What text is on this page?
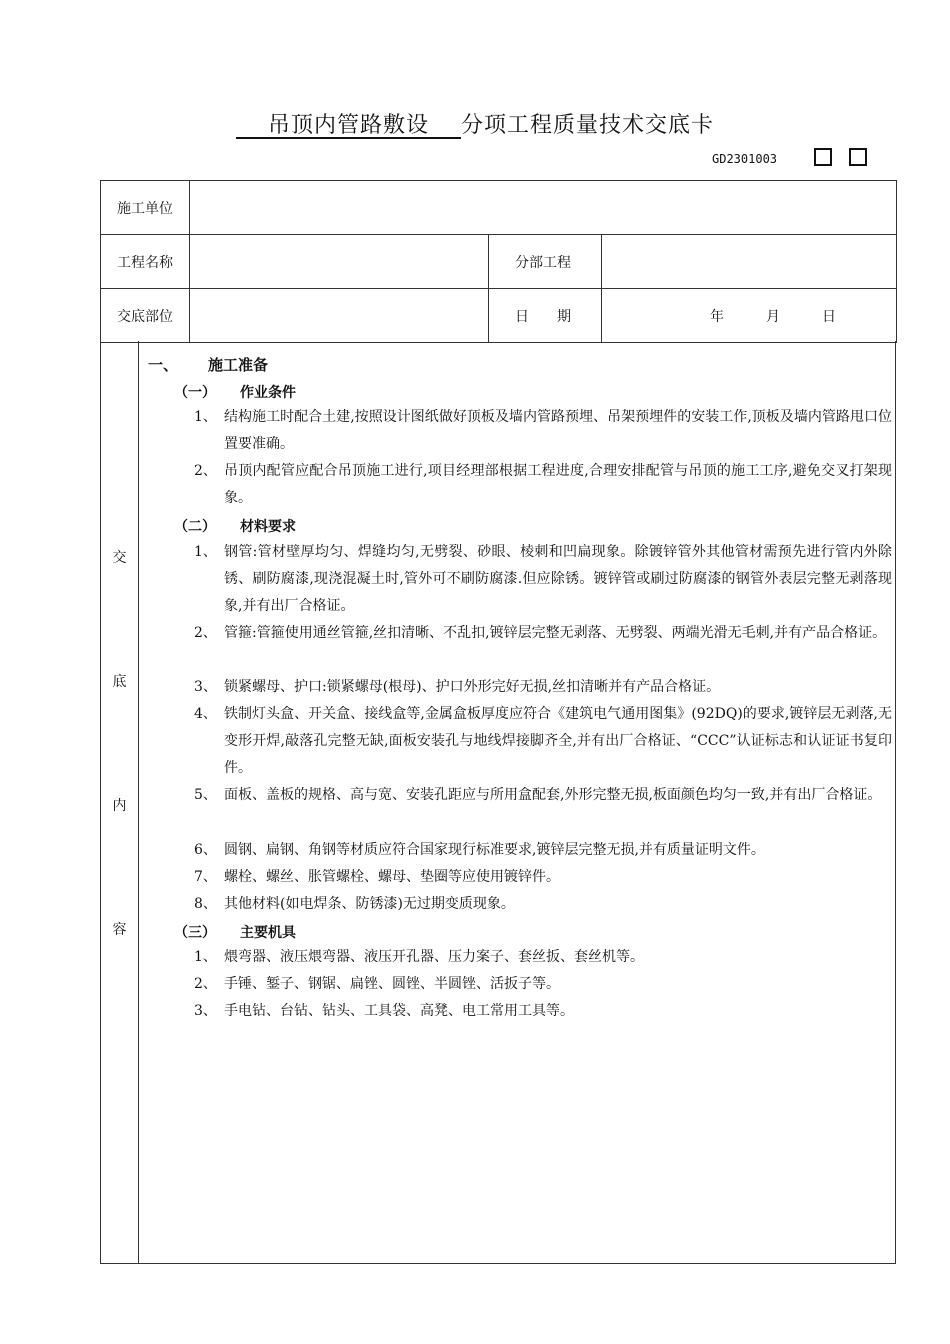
吊顶内管路敷设 分项工程质量技术交底卡
GD2301003
施工单位			
工程名称		分部工程	
交底部位		日　　期	年　　　月　　　日
交
底
内
容
一、 施工准备
（一） 作业条件
1、 结构施工时配合土建,按照设计图纸做好顶板及墙内管路预埋、吊架预埋件的安装工作,顶板及墙内管路甩口位置要准确。
2、 吊顶内配管应配合吊顶施工进行,项目经理部根据工程进度,合理安排配管与吊顶的施工工序,避免交叉打架现象。
（二） 材料要求
1、 钢管:管材壁厚均匀、焊缝均匀,无劈裂、砂眼、棱刺和凹扁现象。除镀锌管外其他管材需预先进行管内外除锈、刷防腐漆,现浇混凝土时,管外可不刷防腐漆.但应除锈。镀锌管或刷过防腐漆的钢管外表层完整无剥落现象,并有出厂合格证。
2、 管箍:管箍使用通丝管箍,丝扣清晰、不乱扣,镀锌层完整无剥落、无劈裂、两端光滑无毛刺,并有产品合格证。
3、 锁紧螺母、护口:锁紧螺母(根母)、护口外形完好无损,丝扣清晰并有产品合格证。
4、 铁制灯头盒、开关盒、接线盒等,金属盒板厚度应符合《建筑电气通用图集》(92DQ)的要求,镀锌层无剥落,无变形开焊,敲落孔完整无缺,面板安装孔与地线焊接脚齐全,并有出厂合格证、“CCC”认证标志和认证证书复印件。
5、 面板、盖板的规格、高与宽、安装孔距应与所用盒配套,外形完整无损,板面颜色均匀一致,并有出厂合格证。
6、 圆钢、扁钢、角钢等材质应符合国家现行标准要求,镀锌层完整无损,并有质量证明文件。
7、 螺栓、螺丝、胀管螺栓、螺母、垫圈等应使用镀锌件。
8、 其他材料(如电焊条、防锈漆)无过期变质现象。
（三） 主要机具
1、 煨弯器、液压煨弯器、液压开孔器、压力案子、套丝扳、套丝机等。
2、 手锤、錾子、钢锯、扁锉、圆锉、半圆锉、活扳子等。
3、 手电钻、台钻、钻头、工具袋、高凳、电工常用工具等。
